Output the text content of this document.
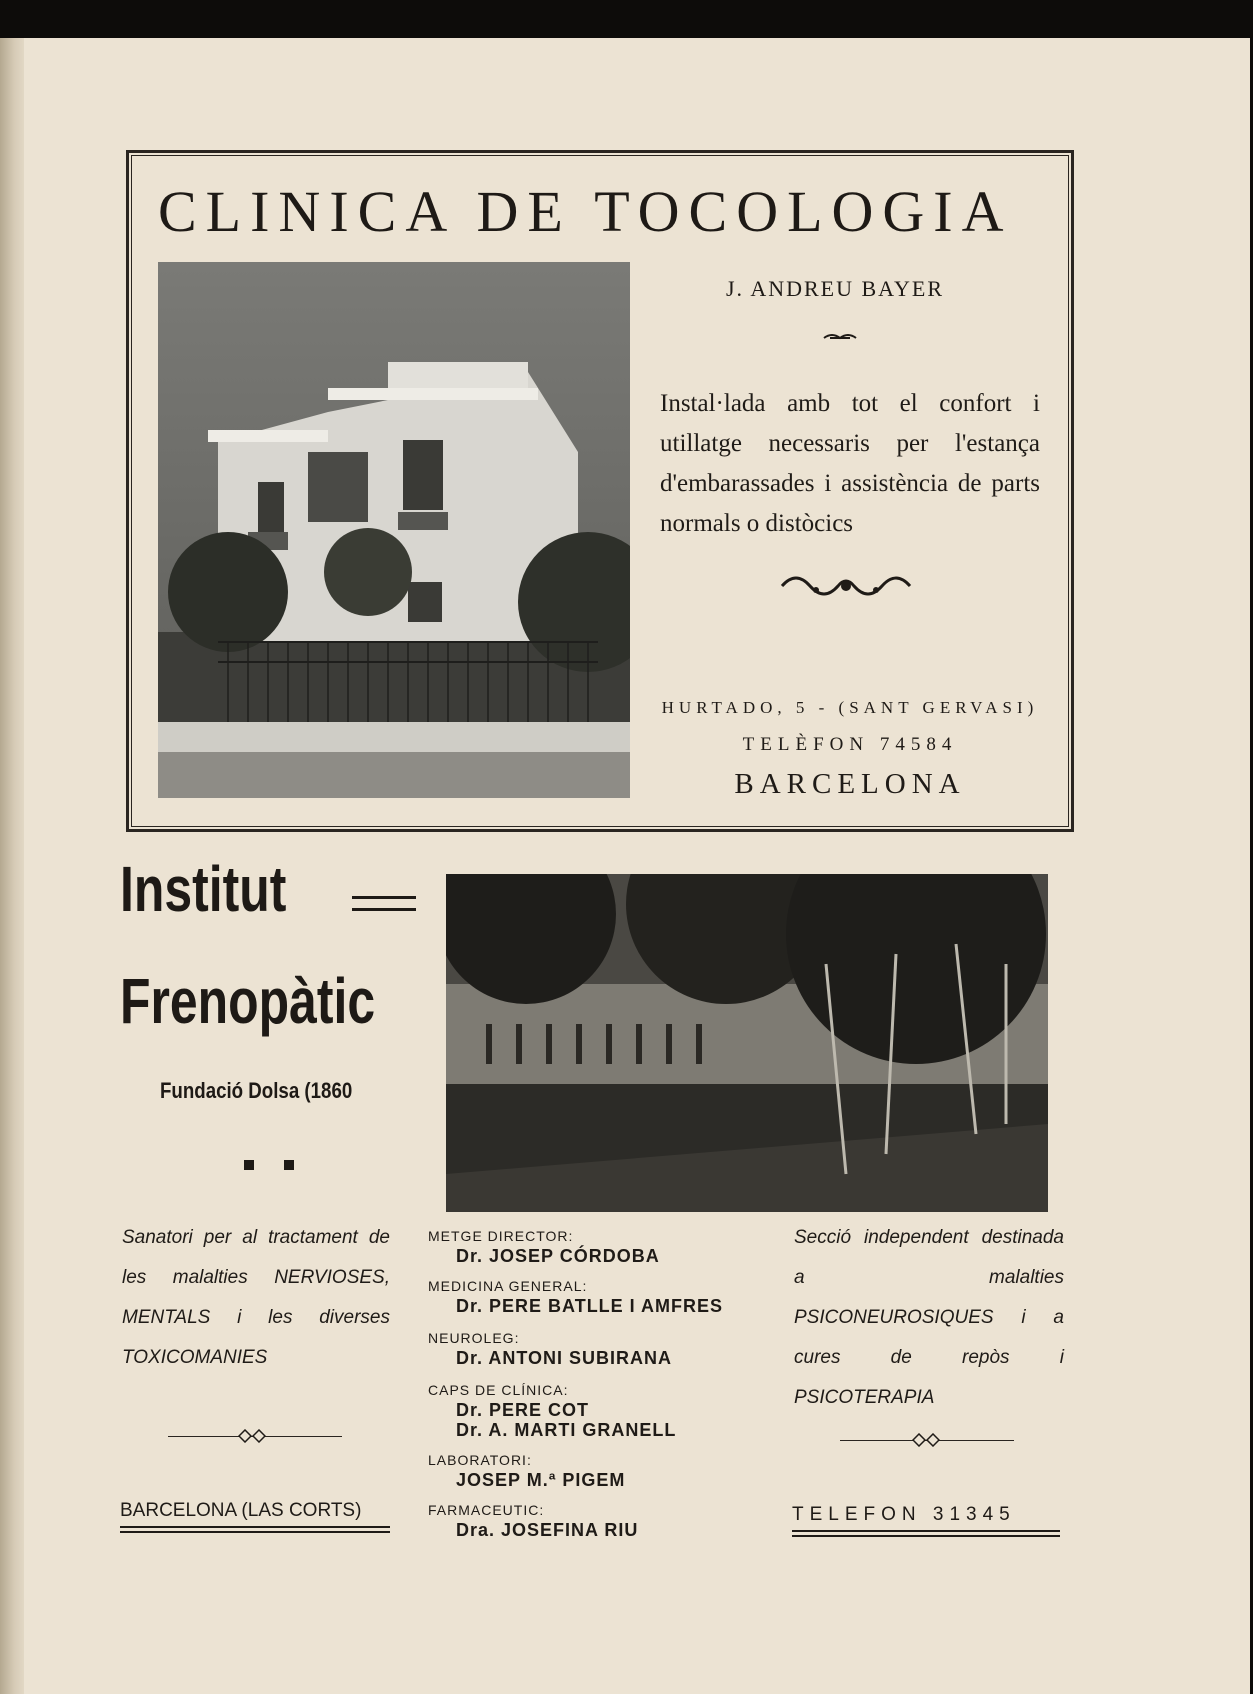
CLINICA DE TOCOLOGIA
J. ANDREU BAYER
Instal·lada amb tot el confort i utillatge necessaris per l'estança d'embarassades i assistència de parts normals o distòcics
HURTADO, 5 - (SANT GERVASI)
TELÈFON 74584
BARCELONA
Institut
Frenopàtic
Fundació Dolsa (1860
Sanatori per al tractament de les malalties NERVIOSES, MENTALS i les diverses TOXICOMANIES
BARCELONA (LAS CORTS)
METGE DIRECTOR:
Dr. JOSEP CÓRDOBA
MEDICINA GENERAL:
Dr. PERE BATLLE I AMFRES
NEUROLEG:
Dr. ANTONI SUBIRANA
CAPS DE CLÍNICA:
Dr. PERE COT
Dr. A. MARTI GRANELL
LABORATORI:
JOSEP M.ª PIGEM
FARMACEUTIC:
Dra. JOSEFINA RIU
Secció independent destinada a malalties PSICONEUROSIQUES i a cures de repòs i PSICOTERAPIA
TELEFON 31345
